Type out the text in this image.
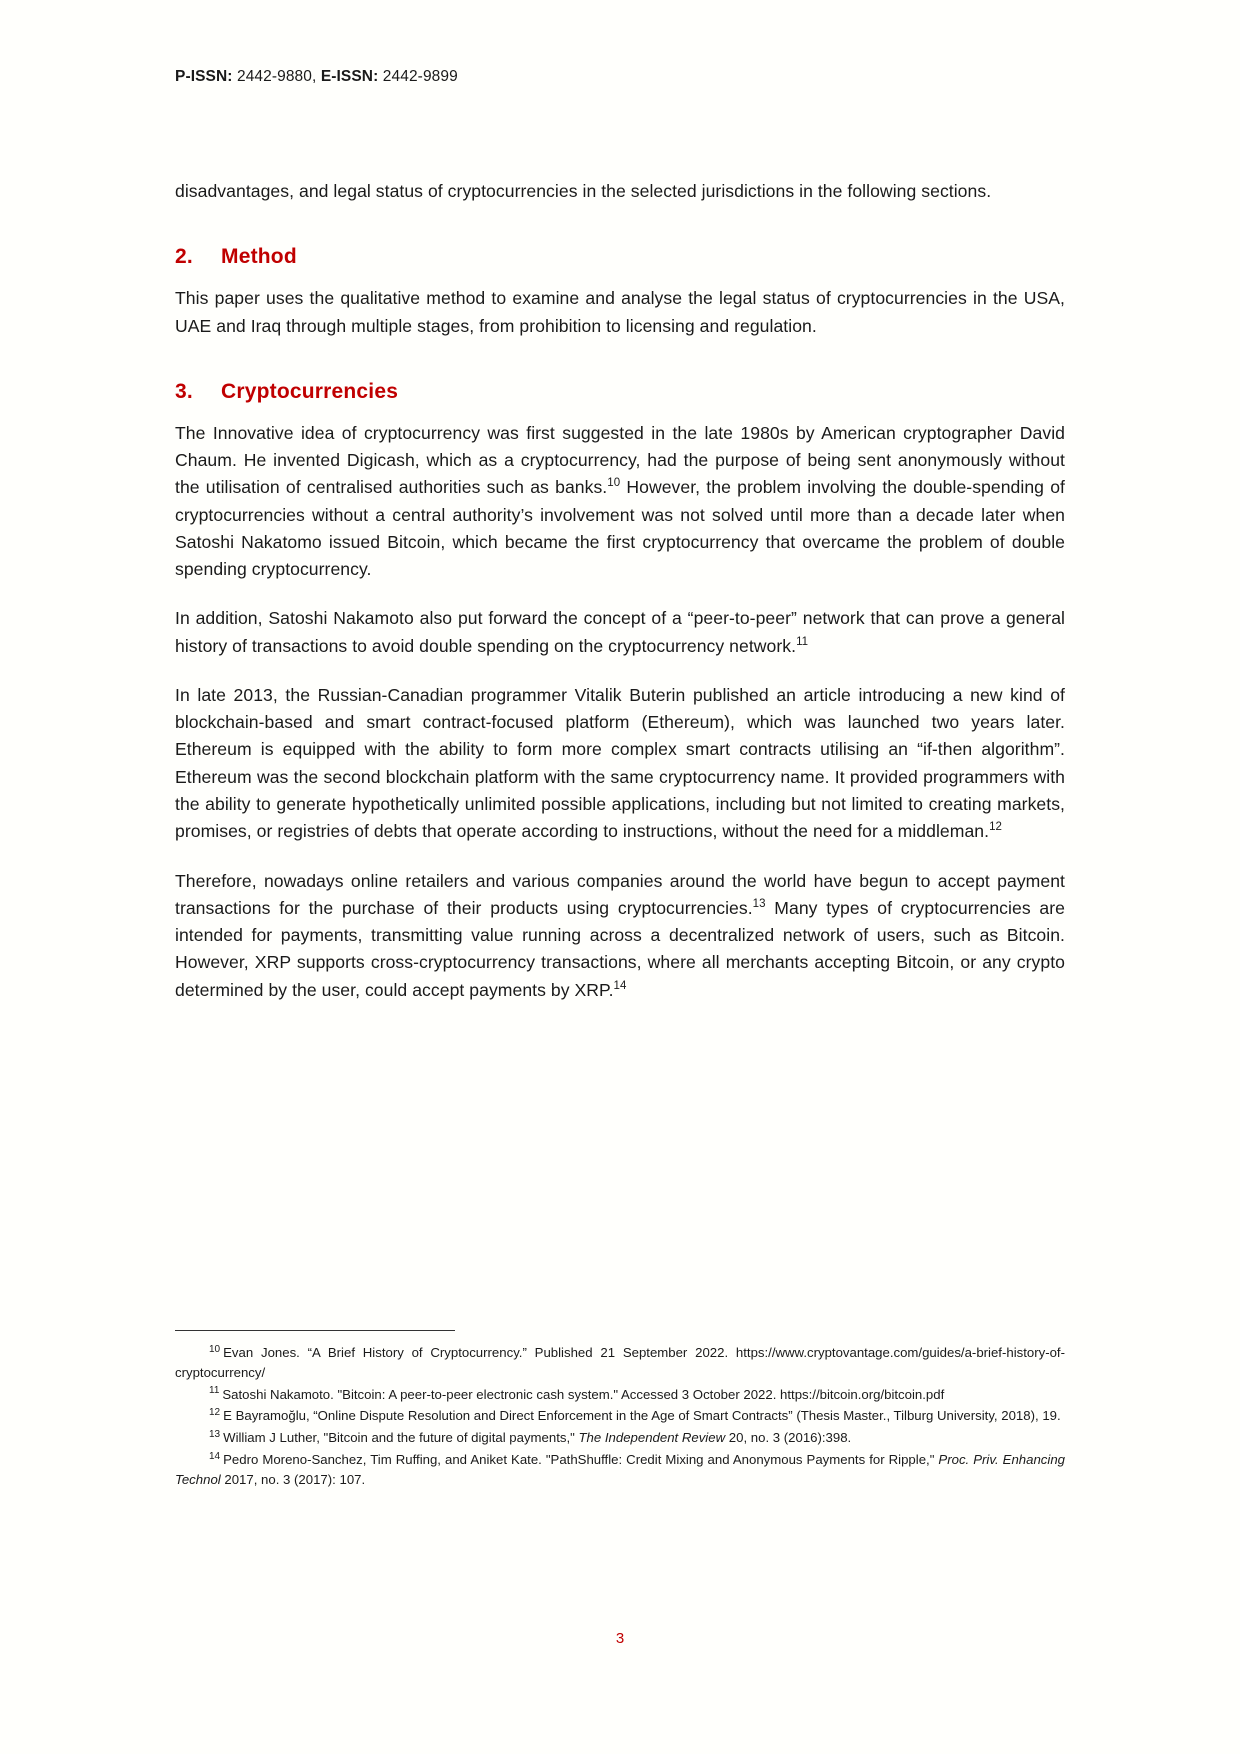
P-ISSN: 2442-9880, E-ISSN: 2442-9899

disadvantages, and legal status of cryptocurrencies in the selected jurisdictions in the following sections.

2. Method

This paper uses the qualitative method to examine and analyse the legal status of cryptocurrencies in the USA, UAE and Iraq through multiple stages, from prohibition to licensing and regulation.

3. Cryptocurrencies

The Innovative idea of cryptocurrency was first suggested in the late 1980s by American cryptographer David Chaum. He invented Digicash, which as a cryptocurrency, had the purpose of being sent anonymously without the utilisation of centralised authorities such as banks.$^{10}$ However, the problem involving the double-spending of cryptocurrencies without a central authority’s involvement was not solved until more than a decade later when Satoshi Nakatomo issued Bitcoin, which became the first cryptocurrency that overcame the problem of double spending cryptocurrency.

In addition, Satoshi Nakamoto also put forward the concept of a “peer-to-peer” network that can prove a general history of transactions to avoid double spending on the cryptocurrency network.$^{11}$

In late 2013, the Russian-Canadian programmer Vitalik Buterin published an article introducing a new kind of blockchain-based and smart contract-focused platform (Ethereum), which was launched two years later. Ethereum is equipped with the ability to form more complex smart contracts utilising an “if-then algorithm”. Ethereum was the second blockchain platform with the same cryptocurrency name. It provided programmers with the ability to generate hypothetically unlimited possible applications, including but not limited to creating markets, promises, or registries of debts that operate according to instructions, without the need for a middleman.$^{12}$

Therefore, nowadays online retailers and various companies around the world have begun to accept payment transactions for the purchase of their products using cryptocurrencies.$^{13}$ Many types of cryptocurrencies are intended for payments, transmitting value running across a decentralized network of users, such as Bitcoin. However, XRP supports cross-cryptocurrency transactions, where all merchants accepting Bitcoin, or any crypto determined by the user, could accept payments by XRP.$^{14}$

$^{10}$ Evan Jones. “A Brief History of Cryptocurrency.” Published 21 September 2022. https://www.cryptovantage.com/guides/a-brief-history-of-cryptocurrency/

$^{11}$ Satoshi Nakamoto. "Bitcoin: A peer-to-peer electronic cash system." Accessed 3 October 2022. https://bitcoin.org/bitcoin.pdf

$^{12}$ E Bayramoğlu, “Online Dispute Resolution and Direct Enforcement in the Age of Smart Contracts” (Thesis Master., Tilburg University, 2018), 19.

$^{13}$ William J Luther, "Bitcoin and the future of digital payments," The Independent Review 20, no. 3 (2016):398.

$^{14}$ Pedro Moreno-Sanchez, Tim Ruffing, and Aniket Kate. "PathShuffle: Credit Mixing and Anonymous Payments for Ripple," Proc. Priv. Enhancing Technol 2017, no. 3 (2017): 107.

3
